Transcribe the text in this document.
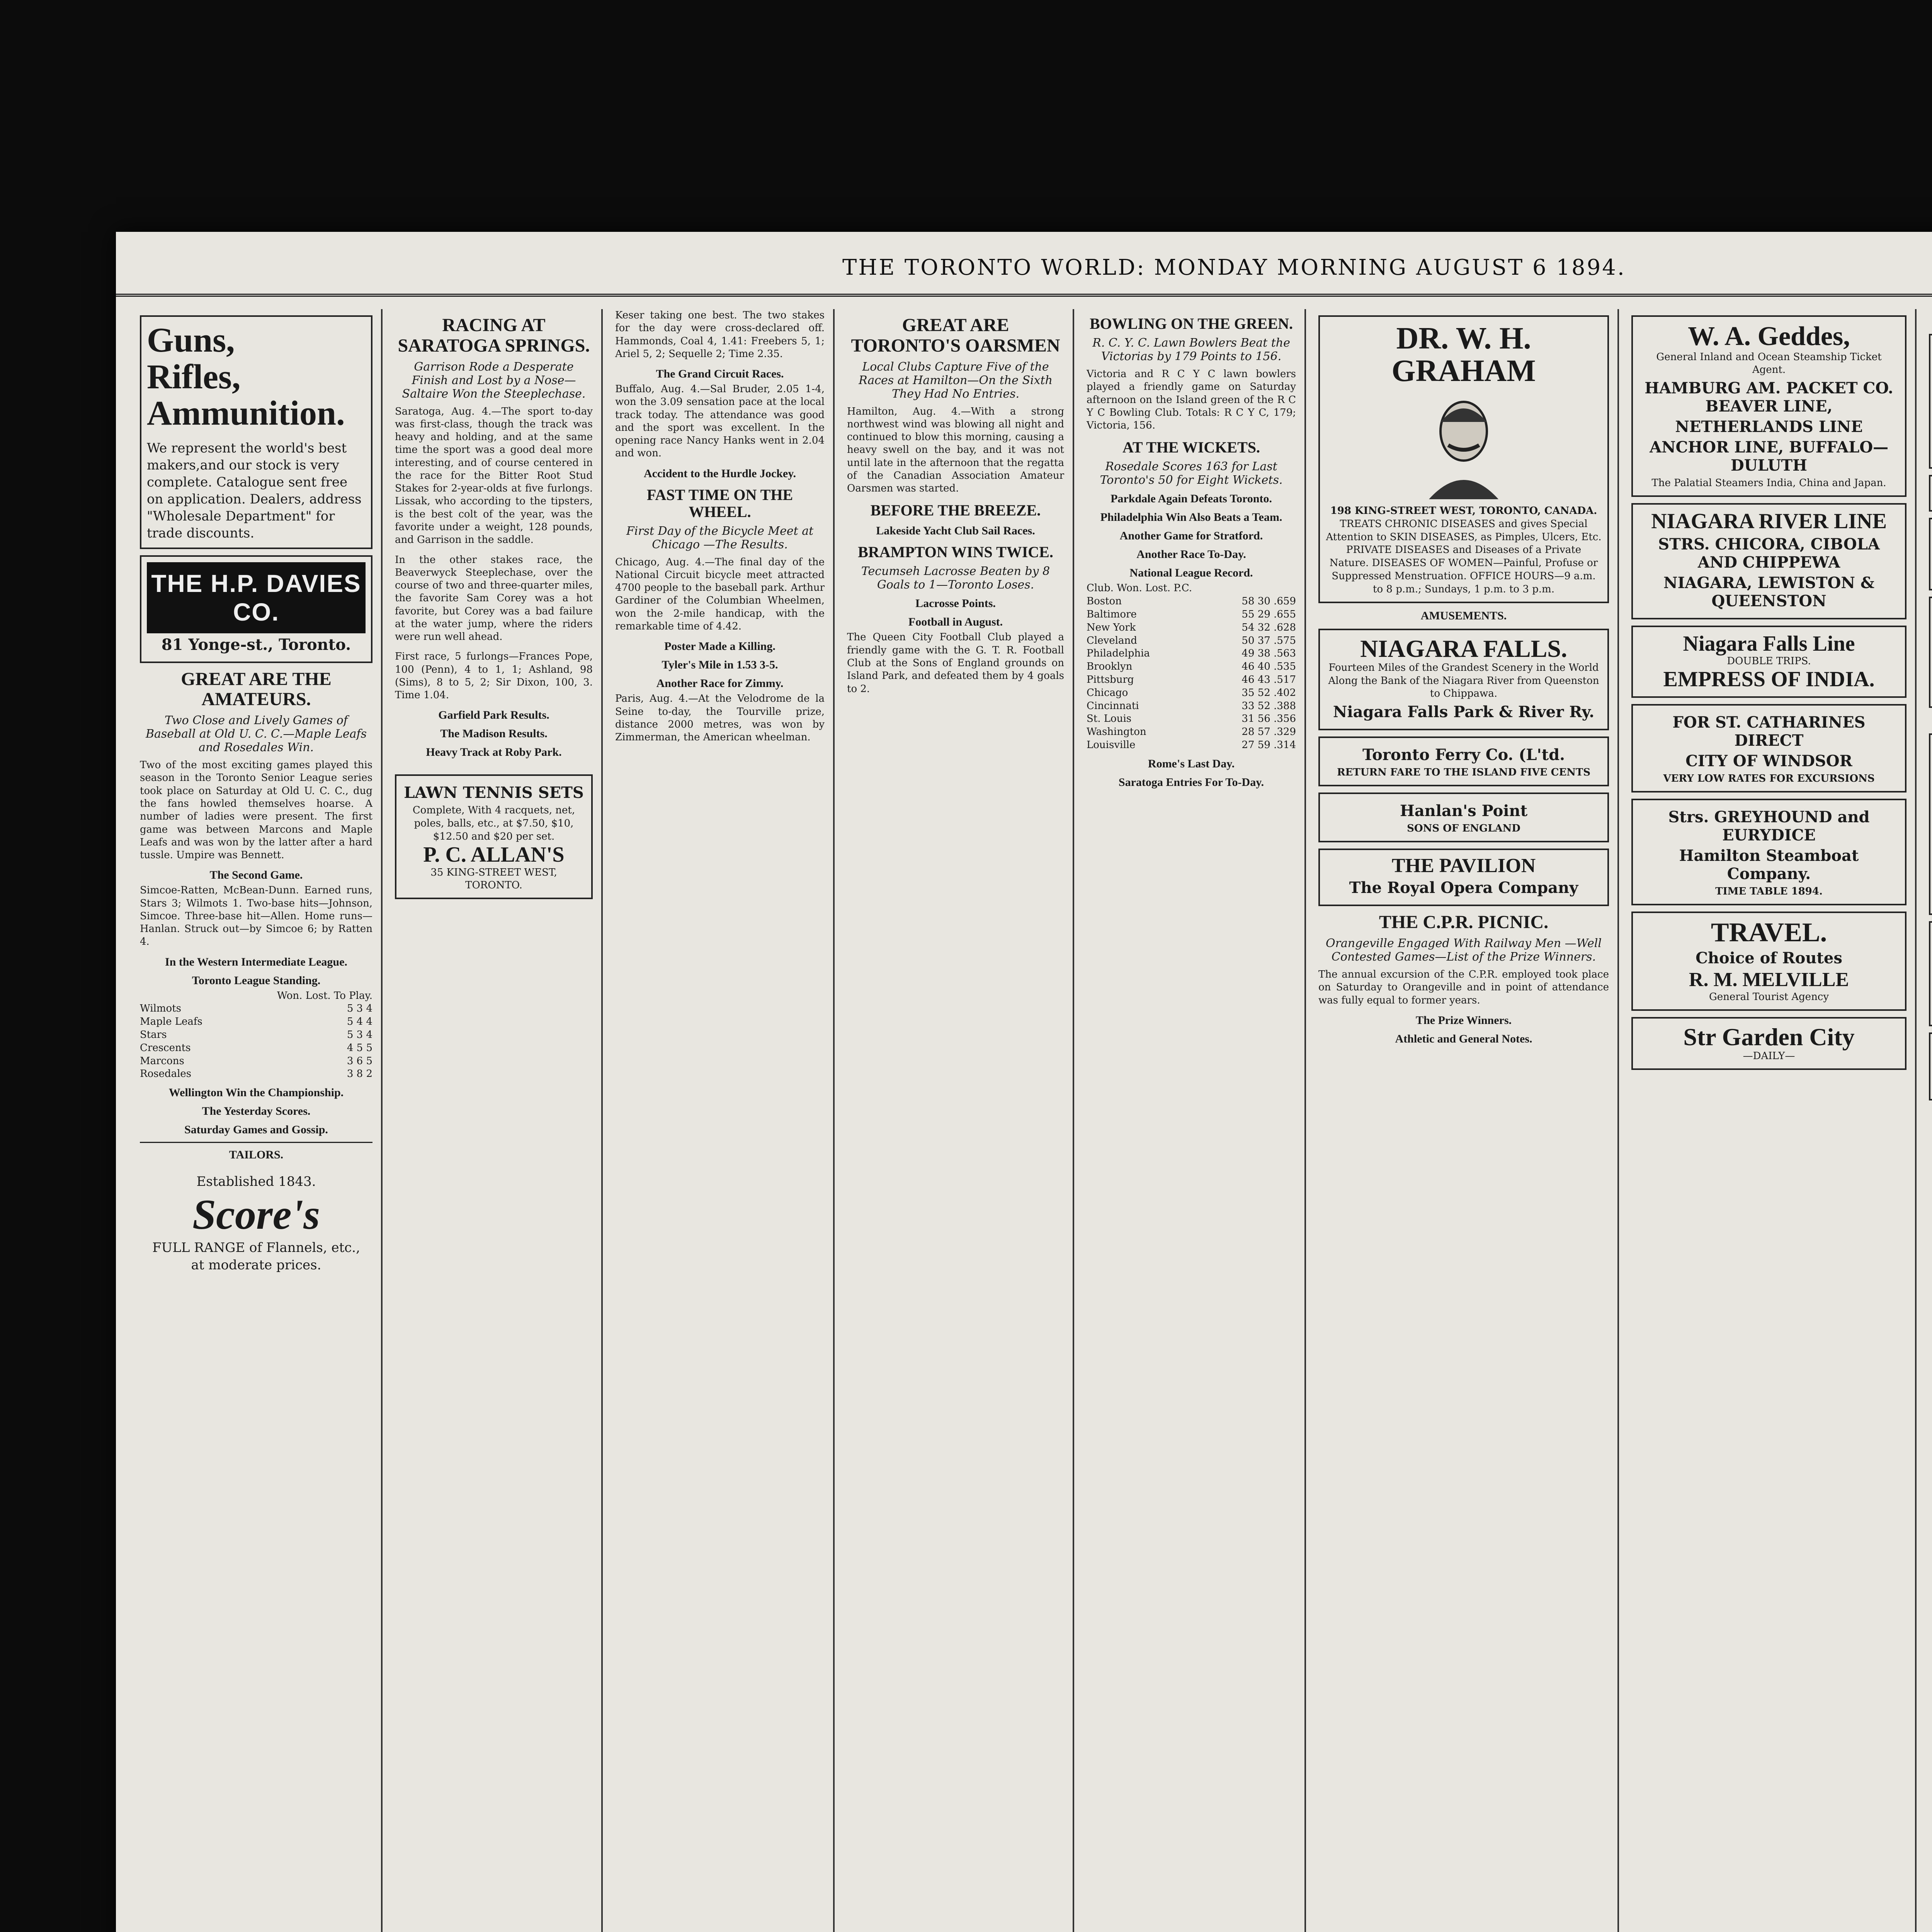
THE TORONTO WORLD: MONDAY MORNING AUGUST 6 1894.
Guns,
Rifles,
Ammunition.
We represent the world's best makers,and our stock is very complete. Catalogue sent free on application. Dealers, address "Wholesale Department" for trade discounts.
THE H.P. DAVIES CO.
81 Yonge-st., Toronto.
GREAT ARE THE AMATEURS.
Two Close and Lively Games of Baseball at Old U. C. C.—Maple Leafs and Rosedales Win.
Two of the most exciting games played this season in the Toronto Senior League series took place on Saturday at Old U. C. C., dug the fans howled themselves hoarse. A number of ladies were present. The first game was between Marcons and Maple Leafs and was won by the latter after a hard tussle. Umpire was Bennett.
The Second Game.
Simcoe-Ratten, McBean-Dunn. Earned runs, Stars 3; Wilmots 1. Two-base hits—Johnson, Simcoe. Three-base hit—Allen. Home runs—Hanlan. Struck out—by Simcoe 6; by Ratten 4.
In the Western Intermediate League.
Toronto League Standing.
Won. Lost. To Play.
Wilmots	5 3 4
Maple Leafs	5 4 4
Stars	5 3 4
Crescents	4 5 5
Marcons	3 6 5
Rosedales	3 8 2
Wellington Win the Championship.
The Yesterday Scores.
Saturday Games and Gossip.
TAILORS.
Established 1843.
Score's
FULL RANGE of Flannels, etc., at moderate prices.
RACING AT SARATOGA SPRINGS.
Garrison Rode a Desperate Finish and Lost by a Nose—Saltaire Won the Steeplechase.
Saratoga, Aug. 4.—The sport to-day was first-class, though the track was heavy and holding, and at the same time the sport was a good deal more interesting, and of course centered in the race for the Bitter Root Stud Stakes for 2-year-olds at five furlongs. Lissak, who according to the tipsters, is the best colt of the year, was the favorite under a weight, 128 pounds, and Garrison in the saddle.
In the other stakes race, the Beaverwyck Steeplechase, over the course of two and three-quarter miles, the favorite Sam Corey was a hot favorite, but Corey was a bad failure at the water jump, where the riders were run well ahead.
First race, 5 furlongs—Frances Pope, 100 (Penn), 4 to 1, 1; Ashland, 98 (Sims), 8 to 5, 2; Sir Dixon, 100, 3. Time 1.04.
Garfield Park Results.
The Madison Results.
Heavy Track at Roby Park.
LAWN TENNIS SETS
Complete, With 4 racquets, net, poles, balls, etc., at $7.50, $10, $12.50 and $20 per set.
P. C. ALLAN'S
35 KING-STREET WEST, TORONTO.
Keser taking one best. The two stakes for the day were cross-declared off. Hammonds, Coal 4, 1.41: Freebers 5, 1; Ariel 5, 2; Sequelle 2; Time 2.35.
The Grand Circuit Races.
Buffalo, Aug. 4.—Sal Bruder, 2.05 1-4, won the 3.09 sensation pace at the local track today. The attendance was good and the sport was excellent. In the opening race Nancy Hanks went in 2.04 and won.
Accident to the Hurdle Jockey.
FAST TIME ON THE WHEEL.
First Day of the Bicycle Meet at Chicago —The Results.
Chicago, Aug. 4.—The final day of the National Circuit bicycle meet attracted 4700 people to the baseball park. Arthur Gardiner of the Columbian Wheelmen, won the 2-mile handicap, with the remarkable time of 4.42.
Poster Made a Killing.
Tyler's Mile in 1.53 3-5.
Another Race for Zimmy.
Paris, Aug. 4.—At the Velodrome de la Seine to-day, the Tourville prize, distance 2000 metres, was won by Zimmerman, the American wheelman.
GREAT ARE TORONTO'S OARSMEN
Local Clubs Capture Five of the Races at Hamilton—On the Sixth They Had No Entries.
Hamilton, Aug. 4.—With a strong northwest wind was blowing all night and continued to blow this morning, causing a heavy swell on the bay, and it was not until late in the afternoon that the regatta of the Canadian Association Amateur Oarsmen was started.
BEFORE THE BREEZE.
Lakeside Yacht Club Sail Races.
BRAMPTON WINS TWICE.
Tecumseh Lacrosse Beaten by 8 Goals to 1—Toronto Loses.
Lacrosse Points.
Football in August.
The Queen City Football Club played a friendly game with the G. T. R. Football Club at the Sons of England grounds on Island Park, and defeated them by 4 goals to 2.
BOWLING ON THE GREEN.
R. C. Y. C. Lawn Bowlers Beat the Victorias by 179 Points to 156.
Victoria and R C Y C lawn bowlers played a friendly game on Saturday afternoon on the Island green of the R C Y C Bowling Club. Totals: R C Y C, 179; Victoria, 156.
AT THE WICKETS.
Rosedale Scores 163 for Last Toronto's 50 for Eight Wickets.
Parkdale Again Defeats Toronto.
Philadelphia Win Also Beats a Team.
Another Game for Stratford.
Another Race To-Day.
National League Record.
Club. Won. Lost. P.C.
Boston	58 30 .659
Baltimore	55 29 .655
New York	54 32 .628
Cleveland	50 37 .575
Philadelphia	49 38 .563
Brooklyn	46 40 .535
Pittsburg	46 43 .517
Chicago	35 52 .402
Cincinnati	33 52 .388
St. Louis	31 56 .356
Washington	28 57 .329
Louisville	27 59 .314
Rome's Last Day.
Saratoga Entries For To-Day.
DR. W. H. GRAHAM
198 KING-STREET WEST, TORONTO, CANADA.
TREATS CHRONIC DISEASES and gives Special Attention to SKIN DISEASES, as Pimples, Ulcers, Etc. PRIVATE DISEASES and Diseases of a Private Nature. DISEASES OF WOMEN—Painful, Profuse or Suppressed Menstruation. OFFICE HOURS—9 a.m. to 8 p.m.; Sundays, 1 p.m. to 3 p.m.
AMUSEMENTS.
NIAGARA FALLS.
Fourteen Miles of the Grandest Scenery in the World Along the Bank of the Niagara River from Queenston to Chippawa.
Niagara Falls Park & River Ry.
Toronto Ferry Co. (L'td.
RETURN FARE TO THE ISLAND FIVE CENTS
Hanlan's Point
SONS OF ENGLAND
THE PAVILION
The Royal Opera Company
THE C.P.R. PICNIC.
Orangeville Engaged With Railway Men —Well Contested Games—List of the Prize Winners.
The annual excursion of the C.P.R. employed took place on Saturday to Orangeville and in point of attendance was fully equal to former years.
The Prize Winners.
Athletic and General Notes.
W. A. Geddes,
General Inland and Ocean Steamship Ticket Agent.
HAMBURG AM. PACKET CO. BEAVER LINE,
NETHERLANDS LINE
ANCHOR LINE, BUFFALO—DULUTH
The Palatial Steamers India, China and Japan.
NIAGARA RIVER LINE
STRS. CHICORA, CIBOLA AND CHIPPEWA
NIAGARA, LEWISTON & QUEENSTON
Niagara Falls Line
DOUBLE TRIPS.
EMPRESS OF INDIA.
FOR ST. CATHARINES DIRECT
CITY OF WINDSOR
VERY LOW RATES FOR EXCURSIONS
Strs. GREYHOUND and EURYDICE
Hamilton Steamboat Company.
TIME TABLE 1894.
TRAVEL.
Choice of Routes
R. M. MELVILLE
General Tourist Agency
Str Garden City
—DAILY—
